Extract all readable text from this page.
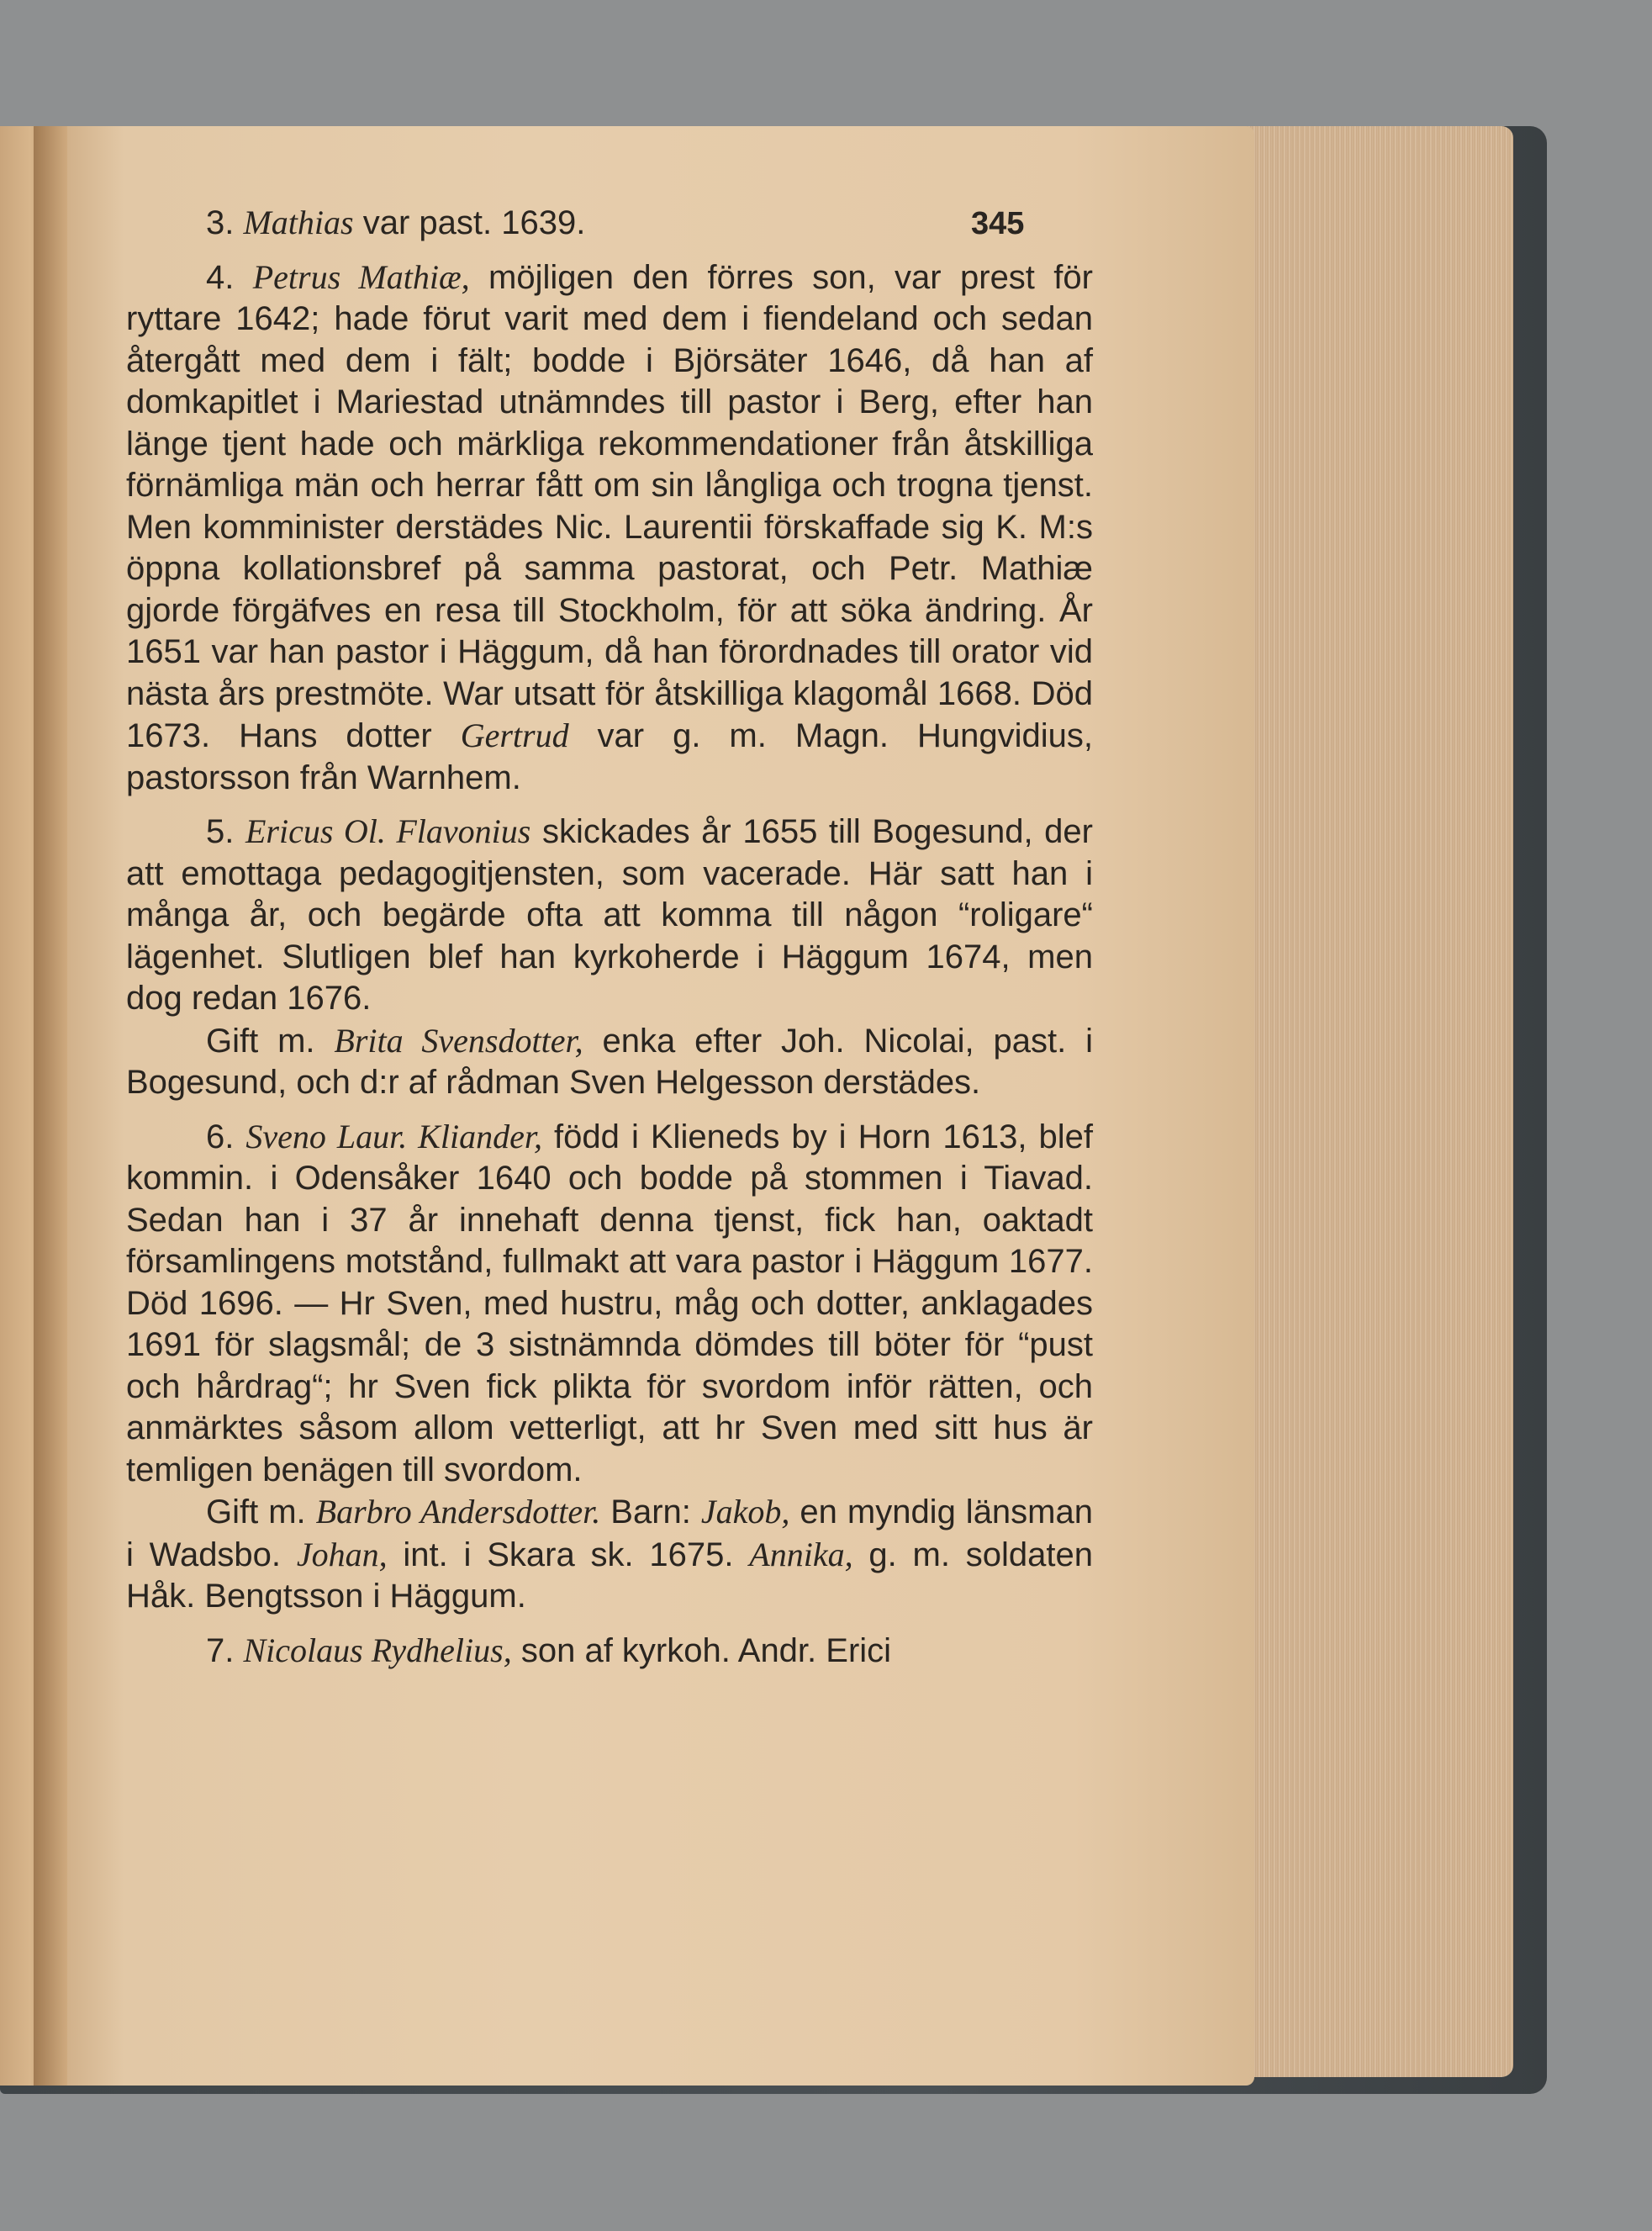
345

3. Mathias var past. 1639.

4. Petrus Mathiæ, möjligen den förres son, var prest för ryttare 1642; hade förut varit med dem i fiendeland och sedan återgått med dem i fält; bodde i Björsäter 1646, då han af domkapitlet i Mariestad utnämndes till pastor i Berg, efter han länge tjent hade och märkliga rekommendationer från åtskilliga förnämliga män och herrar fått om sin långliga och trogna tjenst. Men komminister derstädes Nic. Laurentii förskaffade sig K. M:s öppna kollationsbref på samma pastorat, och Petr. Mathiæ gjorde förgäfves en resa till Stockholm, för att söka ändring. År 1651 var han pastor i Häggum, då han förordnades till orator vid nästa års prestmöte. War utsatt för åtskilliga klagomål 1668. Död 1673. Hans dotter Gertrud var g. m. Magn. Hungvidius, pastorsson från Warnhem.

5. Ericus Ol. Flavonius skickades år 1655 till Bogesund, der att emottaga pedagogitjensten, som vacerade. Här satt han i många år, och begärde ofta att komma till någon “roligare“ lägenhet. Slutligen blef han kyrkoherde i Häggum 1674, men dog redan 1676.

Gift m. Brita Svensdotter, enka efter Joh. Nicolai, past. i Bogesund, och d:r af rådman Sven Helgesson derstädes.

6. Sveno Laur. Kliander, född i Klieneds by i Horn 1613, blef kommin. i Odensåker 1640 och bodde på stommen i Tiavad. Sedan han i 37 år innehaft denna tjenst, fick han, oaktadt församlingens motstånd, fullmakt att vara pastor i Häggum 1677. Död 1696. — Hr Sven, med hustru, måg och dotter, anklagades 1691 för slagsmål; de 3 sistnämnda dömdes till böter för “pust och hårdrag“; hr Sven fick plikta för svordom inför rätten, och anmärktes såsom allom vetterligt, att hr Sven med sitt hus är temligen benägen till svordom.

Gift m. Barbro Andersdotter. Barn: Jakob, en myndig länsman i Wadsbo. Johan, int. i Skara sk. 1675. Annika, g. m. soldaten Håk. Bengtsson i Häggum.

7. Nicolaus Rydhelius, son af kyrkoh. Andr. Erici
